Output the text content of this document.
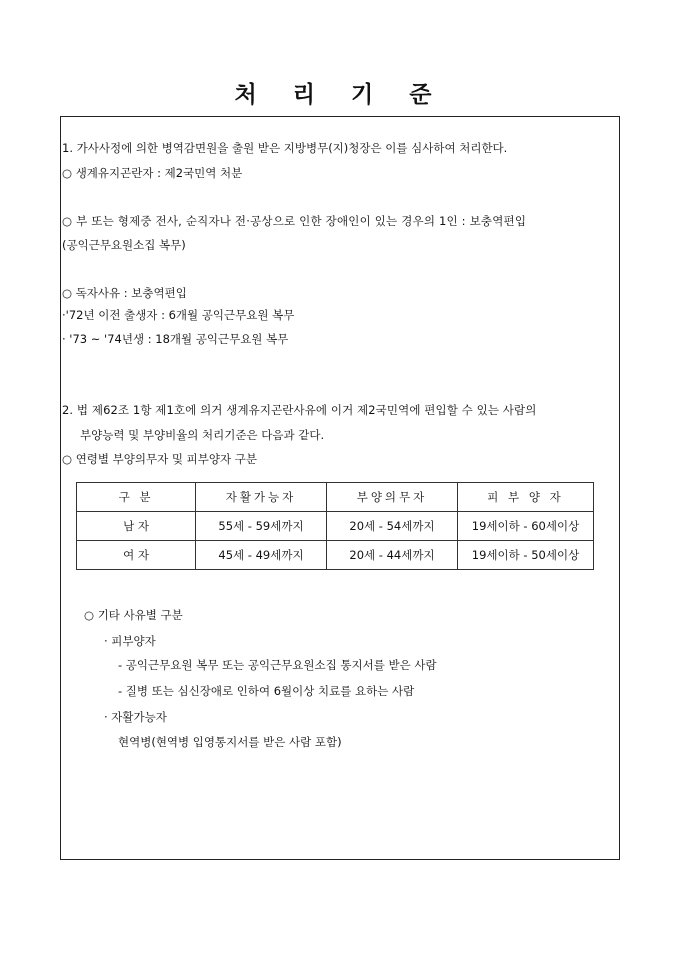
처 리 기 준
1. 가사사정에 의한 병역감면원을 출원 받은 지방병무(지)청장은 이를 심사하여 처리한다.
○ 생계유지곤란자 : 제2국민역 처분
○ 부 또는 형제중 전사, 순직자나 전·공상으로 인한 장애인이 있는 경우의 1인 : 보충역편입
(공익근무요원소집 복무)
○ 독자사유 : 보충역편입
·'72년 이전 출생자 : 6개월 공익근무요원 복무
· '73 ~ '74년생 : 18개월 공익근무요원 복무
2. 법 제62조 1항 제1호에 의거 생계유지곤란사유에 이거 제2국민역에 편입할 수 있는 사람의
부양능력 및 부양비율의 처리기준은 다음과 같다.
○ 연령별 부양의무자 및 피부양자 구분
구 분	자활가능자	부양의무자	피 부 양 자
남 자	55세 - 59세까지	20세 - 54세까지	19세이하 - 60세이상
여 자	45세 - 49세까지	20세 - 44세까지	19세이하 - 50세이상
○ 기타 사유별 구분
· 피부양자
- 공익근무요원 복무 또는 공익근무요원소집 통지서를 받은 사람
- 질병 또는 심신장애로 인하여 6월이상 치료를 요하는 사람
· 자활가능자
현역병(현역병 입영통지서를 받은 사람 포함)
